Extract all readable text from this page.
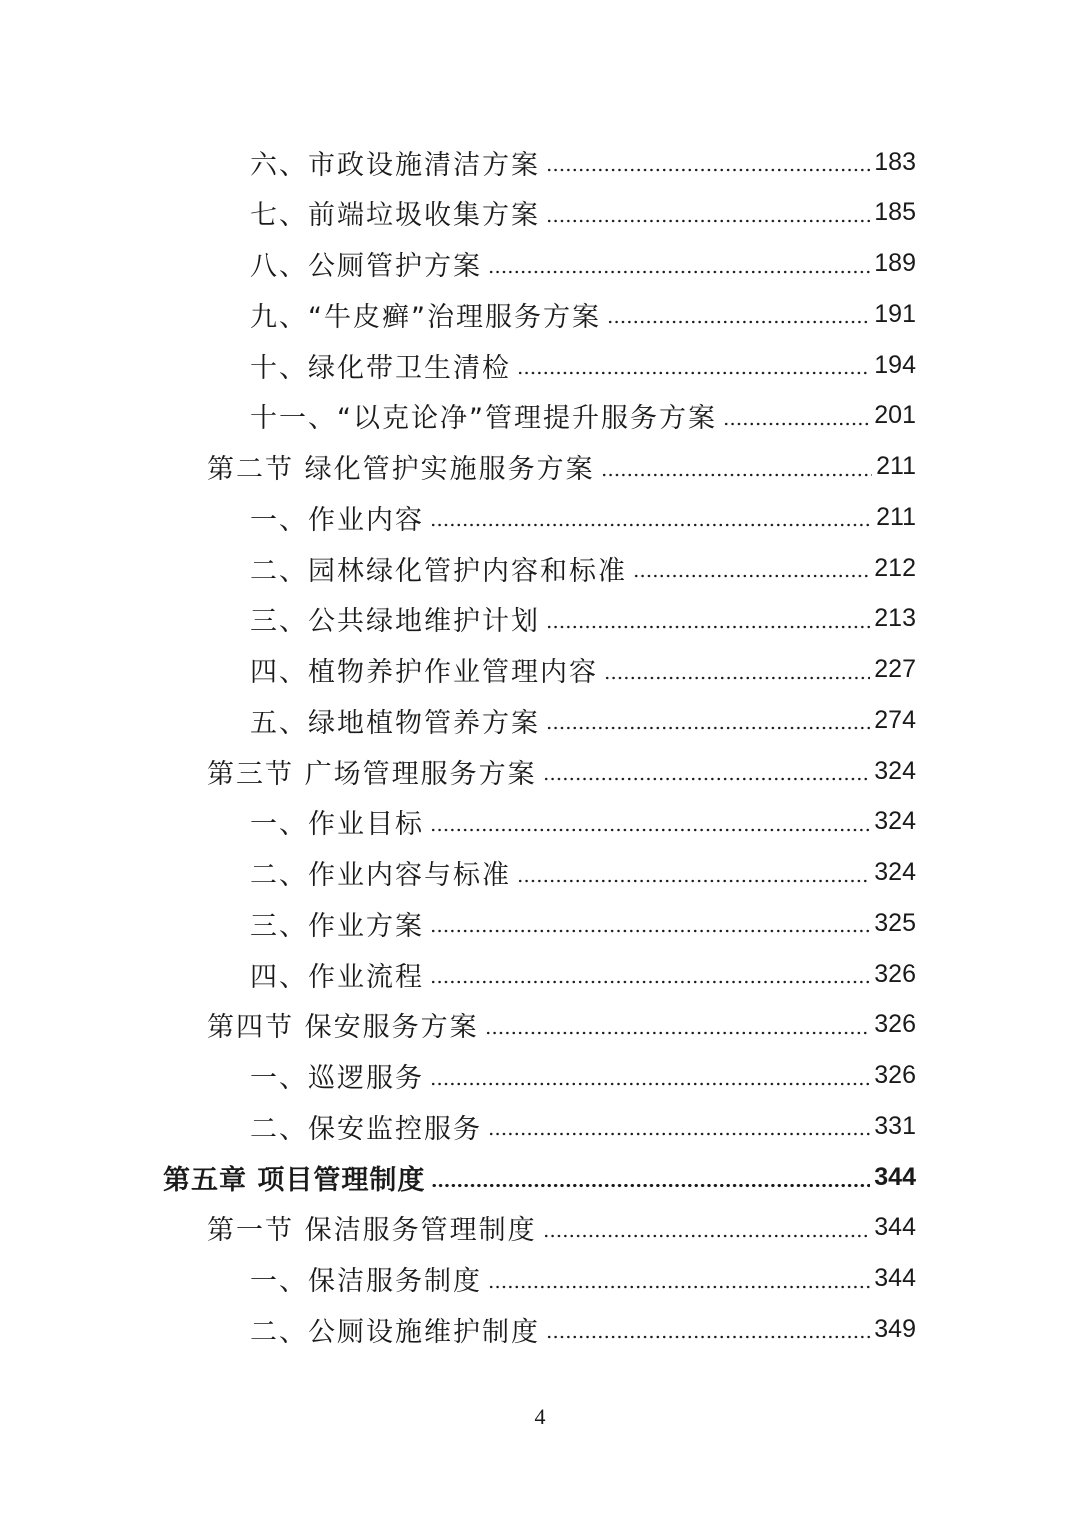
六、市政设施清洁方案	183
七、前端垃圾收集方案	185
八、公厕管护方案	189
九、“牛皮癣”治理服务方案	191
十、绿化带卫生清检	194
十一、“以克论净”管理提升服务方案	201
第二节 绿化管护实施服务方案	211
一、作业内容	211
二、园林绿化管护内容和标准	212
三、公共绿地维护计划	213
四、植物养护作业管理内容	227
五、绿地植物管养方案	274
第三节 广场管理服务方案	324
一、作业目标	324
二、作业内容与标准	324
三、作业方案	325
四、作业流程	326
第四节 保安服务方案	326
一、巡逻服务	326
二、保安监控服务	331
第五章 项目管理制度	344
第一节 保洁服务管理制度	344
一、保洁服务制度	344
二、公厕设施维护制度	349
4
